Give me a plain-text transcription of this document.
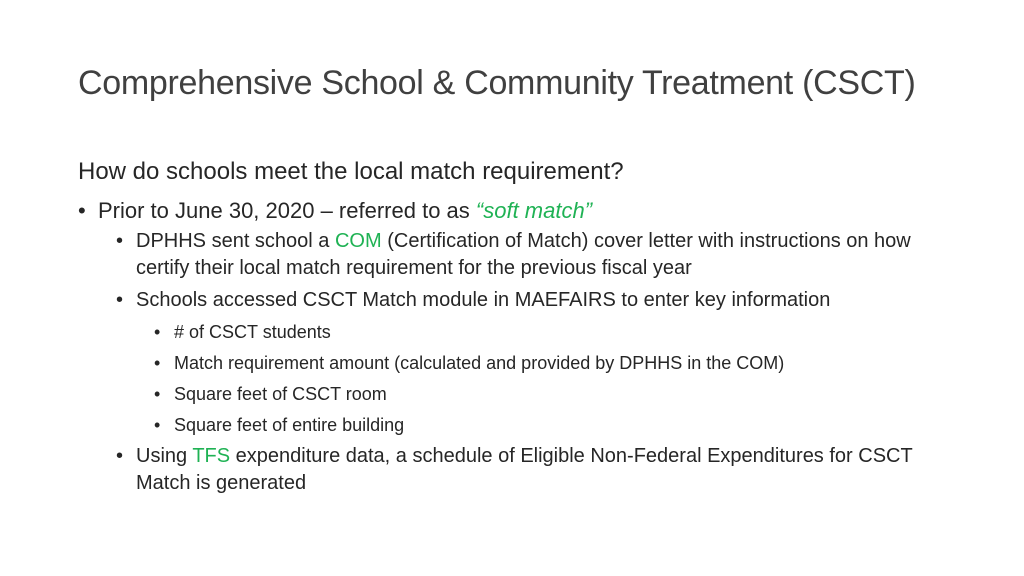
Comprehensive School & Community Treatment (CSCT)
How do schools meet the local match requirement?
• Prior to June 30, 2020 – referred to as “soft match”
• DPHHS sent school a COM (Certification of Match) cover letter with instructions on how certify their local match requirement for the previous fiscal year
• Schools accessed CSCT Match module in MAEFAIRS to enter key information
• # of CSCT students
• Match requirement amount (calculated and provided by DPHHS in the COM)
• Square feet of CSCT room
• Square feet of entire building
• Using TFS expenditure data, a schedule of Eligible Non-Federal Expenditures for CSCT Match is generated
